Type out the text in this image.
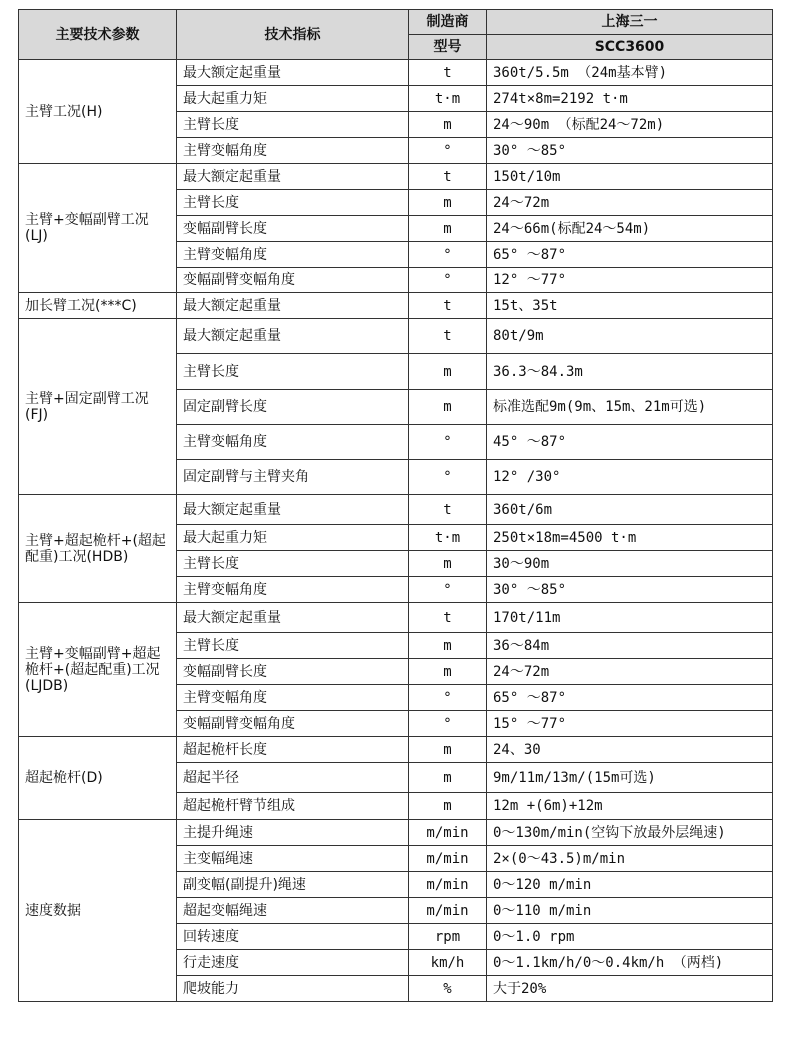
主要技术参数	技术指标	制造商	上海三一
		型号	SCC3600
主臂工况(H)	最大额定起重量	t	360t/5.5m （24m基本臂)
	最大起重力矩	t·m	274t×8m=2192 t·m
	主臂长度	m	24～90m （标配24～72m)
	主臂变幅角度	°	30° ～85°
主臂+变幅副臂工况(LJ)	最大额定起重量	t	150t/10m
	主臂长度	m	24～72m
	变幅副臂长度	m	24～66m(标配24～54m)
	主臂变幅角度	°	65° ～87°
	变幅副臂变幅角度	°	12° ～77°
加长臂工况(***C)	最大额定起重量	t	15t、35t
主臂+固定副臂工况(FJ)	最大额定起重量	t	80t/9m
	主臂长度	m	36.3～84.3m
	固定副臂长度	m	标准选配9m(9m、15m、21m可选)
	主臂变幅角度	°	45° ～87°
	固定副臂与主臂夹角	°	12° /30°
主臂+超起桅杆+(超起配重)工况(HDB)	最大额定起重量	t	360t/6m
	最大起重力矩	t·m	250t×18m=4500 t·m
	主臂长度	m	30～90m
	主臂变幅角度	°	30° ～85°
主臂+变幅副臂+超起桅杆+(超起配重)工况(LJDB)	最大额定起重量	t	170t/11m
	主臂长度	m	36～84m
	变幅副臂长度	m	24～72m
	主臂变幅角度	°	65° ～87°
	变幅副臂变幅角度	°	15° ～77°
超起桅杆(D)	超起桅杆长度	m	24、30
	超起半径	m	9m/11m/13m/(15m可选)
	超起桅杆臂节组成	m	12m +(6m)+12m
速度数据	主提升绳速	m/min	0～130m/min(空钩下放最外层绳速)
	主变幅绳速	m/min	2×(0～43.5)m/min
	副变幅(副提升)绳速	m/min	0～120 m/min
	超起变幅绳速	m/min	0～110 m/min
	回转速度	rpm	0～1.0 rpm
	行走速度	km/h	0～1.1km/h/0～0.4km/h （两档)
	爬坡能力	%	大于20%
